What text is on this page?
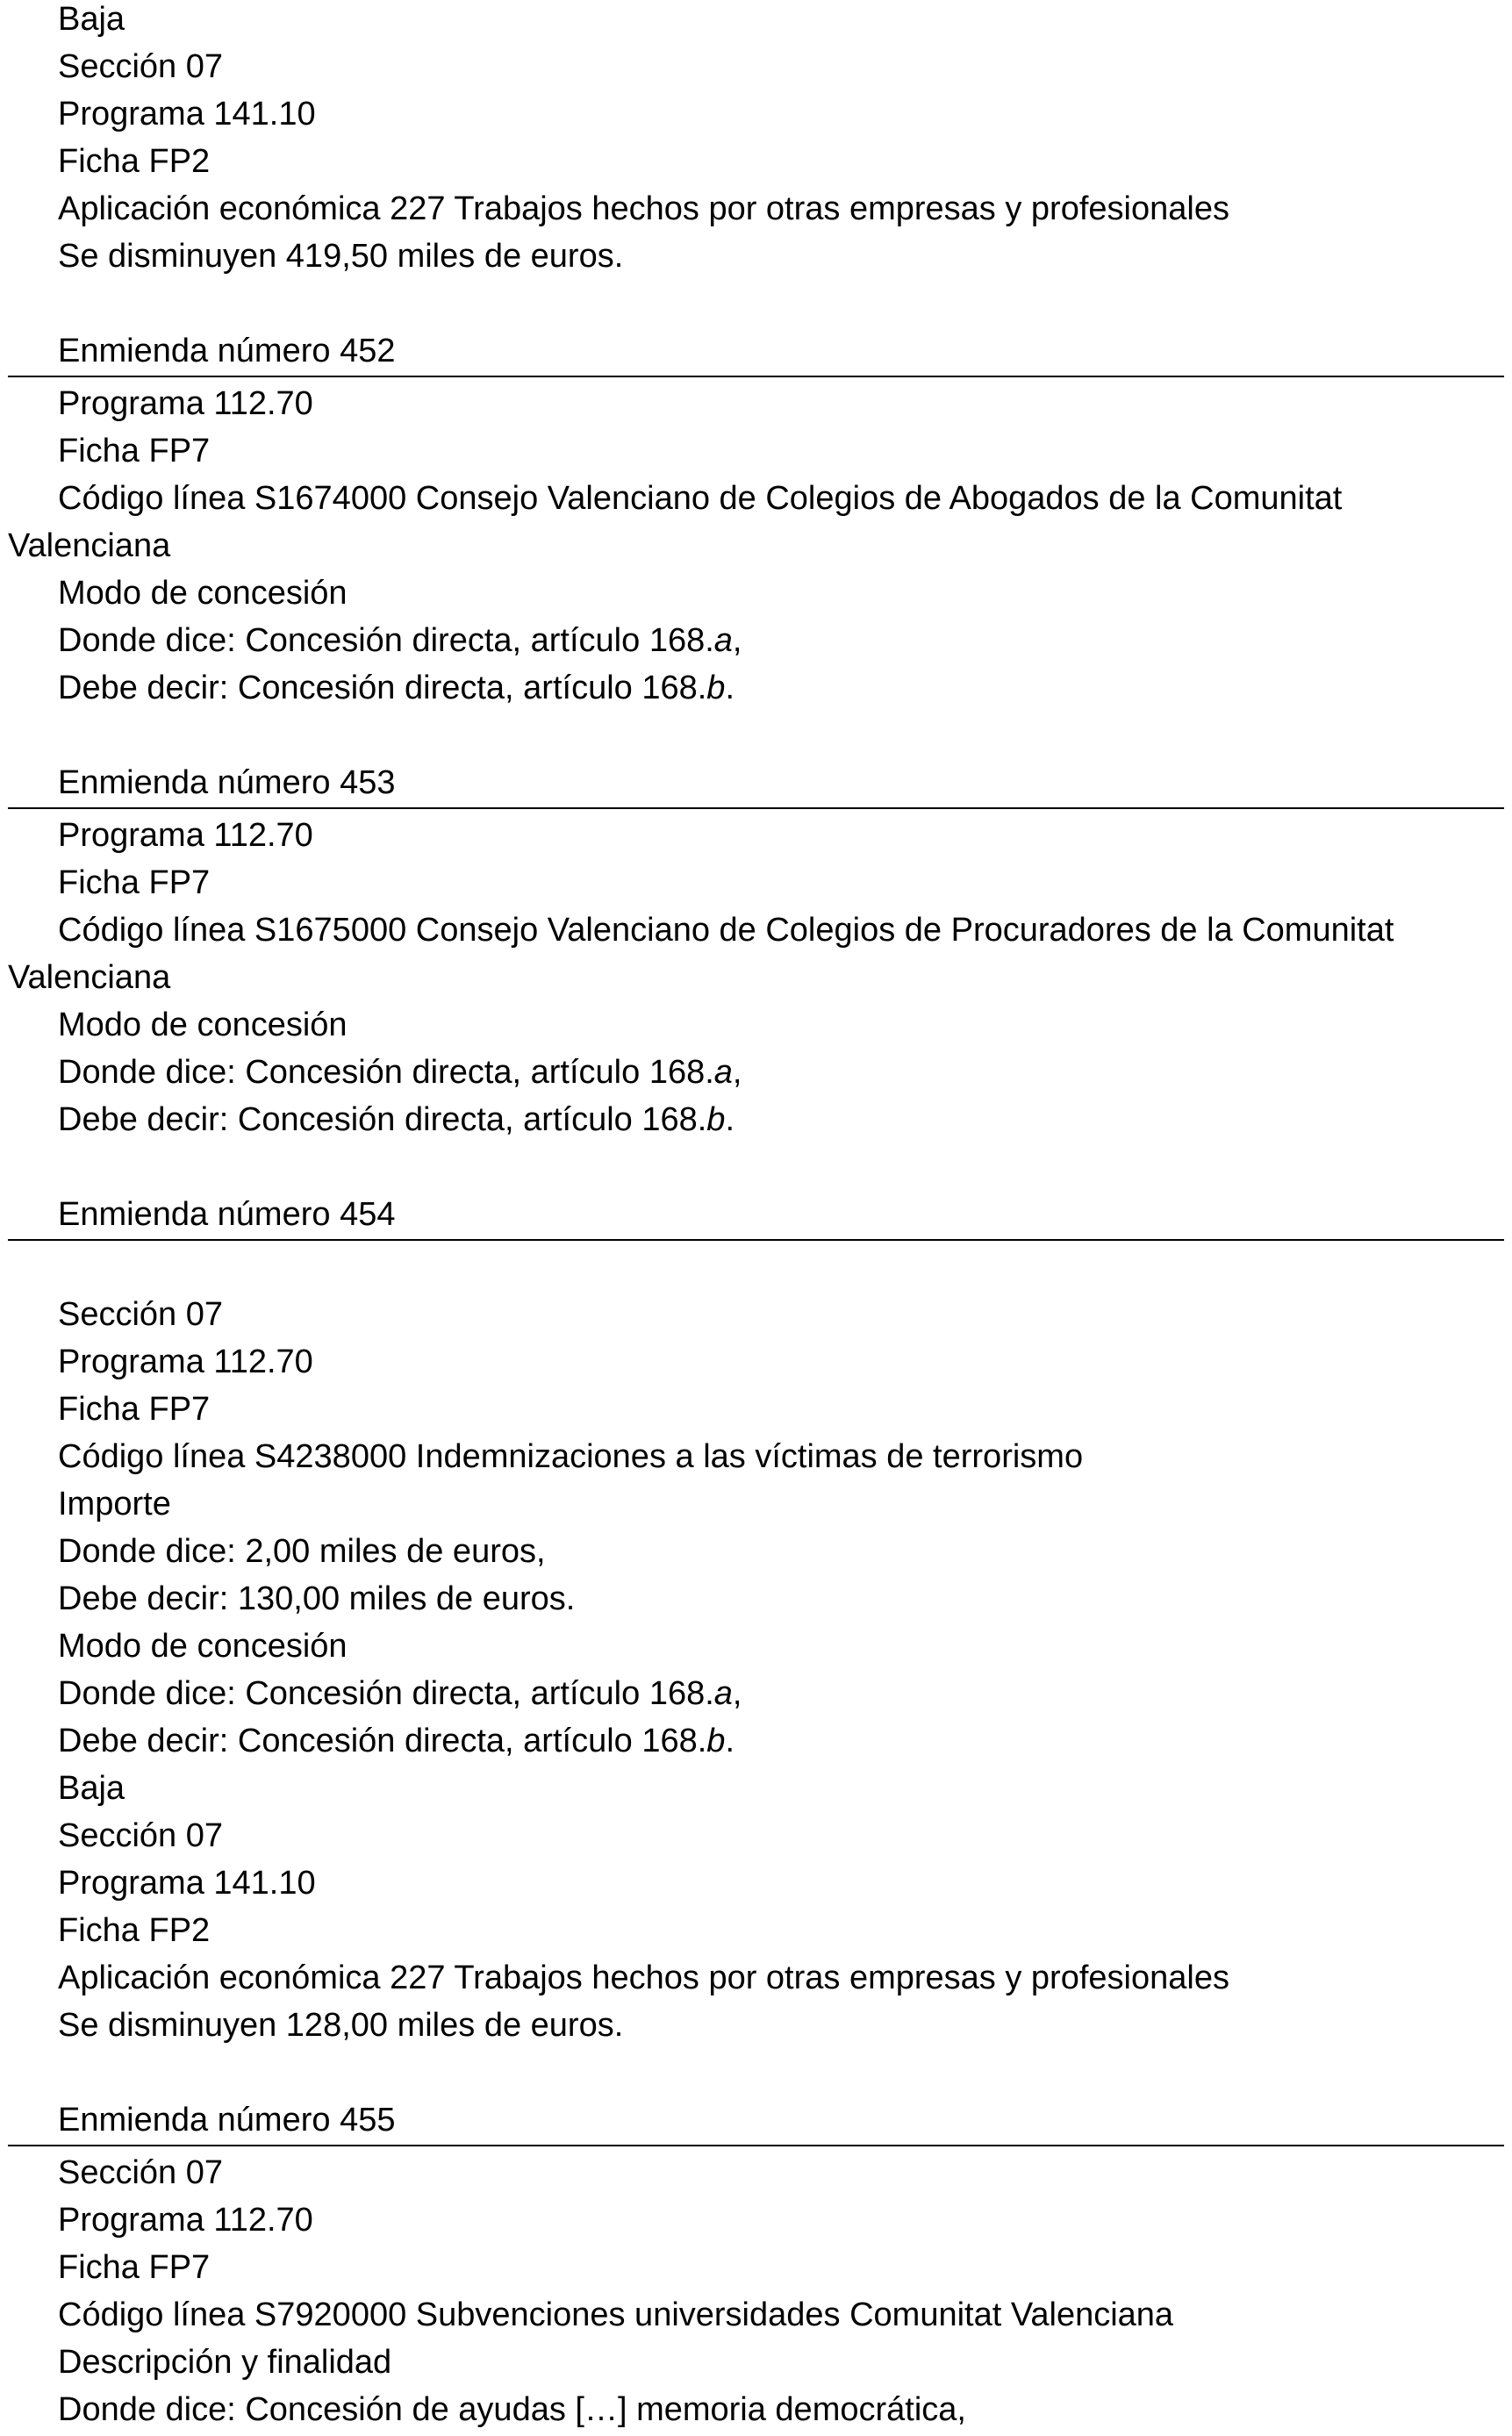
Baja
Sección 07
Programa 141.10
Ficha FP2
Aplicación económica 227 Trabajos hechos por otras empresas y profesionales
Se disminuyen 419,50 miles de euros.
Enmienda número 452
Programa 112.70
Ficha FP7
Código línea S1674000 Consejo Valenciano de Colegios de Abogados de la Comunitat
Valenciana
Modo de concesión
Donde dice: Concesión directa, artículo 168.a,
Debe decir: Concesión directa, artículo 168.b.
Enmienda número 453
Programa 112.70
Ficha FP7
Código línea S1675000 Consejo Valenciano de Colegios de Procuradores de la Comunitat
Valenciana
Modo de concesión
Donde dice: Concesión directa, artículo 168.a,
Debe decir: Concesión directa, artículo 168.b.
Enmienda número 454
Sección 07
Programa 112.70
Ficha FP7
Código línea S4238000 Indemnizaciones a las víctimas de terrorismo
Importe
Donde dice: 2,00 miles de euros,
Debe decir: 130,00 miles de euros.
Modo de concesión
Donde dice: Concesión directa, artículo 168.a,
Debe decir: Concesión directa, artículo 168.b.
Baja
Sección 07
Programa 141.10
Ficha FP2
Aplicación económica 227 Trabajos hechos por otras empresas y profesionales
Se disminuyen 128,00 miles de euros.
Enmienda número 455
Sección 07
Programa 112.70
Ficha FP7
Código línea S7920000 Subvenciones universidades Comunitat Valenciana
Descripción y finalidad
Donde dice: Concesión de ayudas […] memoria democrática,
